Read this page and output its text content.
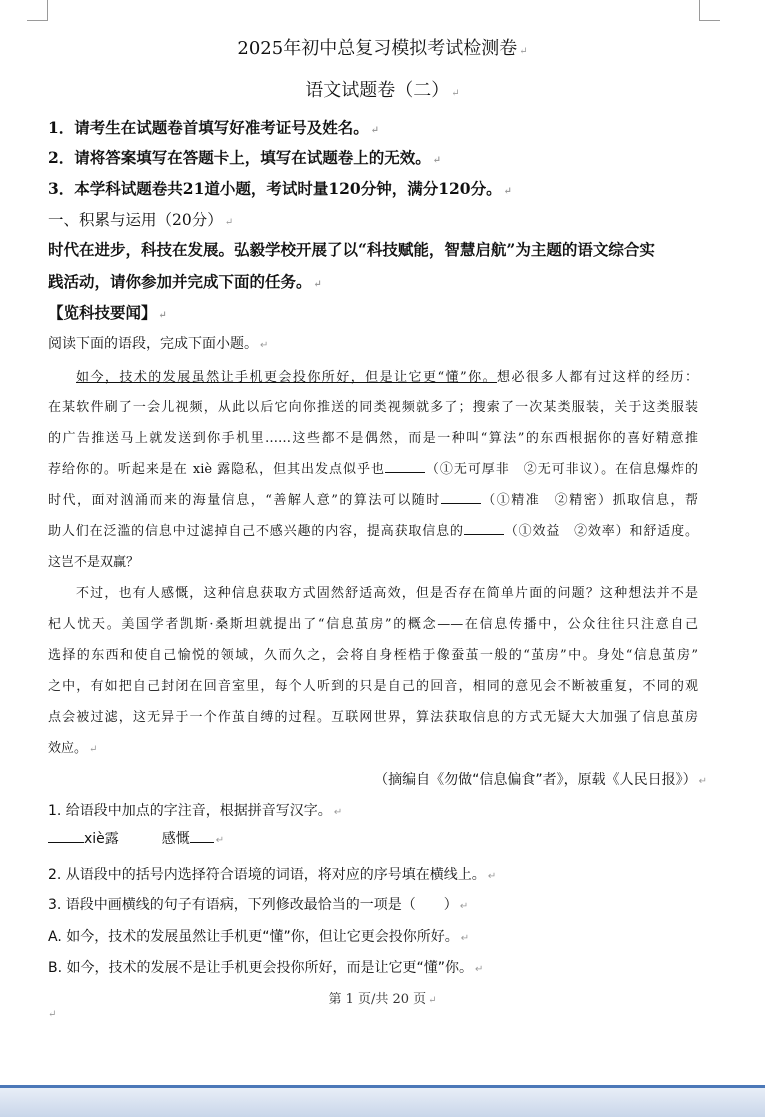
2025年初中总复习模拟考试检测卷 ↵
语文试题卷（二） ↵
1．请考生在试题卷首填写好准考证号及姓名。 ↵
2．请将答案填写在答题卡上，填写在试题卷上的无效。 ↵
3．本学科试题卷共21道小题，考试时量120分钟，满分120分。 ↵
一、积累与运用（20分） ↵
时代在进步，科技在发展。弘毅学校开展了以“科技赋能，智慧启航”为主题的语文综合实
践活动，请你参加并完成下面的任务。 ↵
【览科技要闻】 ↵
阅读下面的语段，完成下面小题。 ↵
如今，技术的发展虽然让手机更会投你所好，但是让它更“懂”你。想必很多人都有过这样的经历：
在某软件刷了一会儿视频，从此以后它向你推送的同类视频就多了；搜索了一次某类服装，关于这类服装
的广告推送马上就发送到你手机里……这些都不是偶然，而是一种叫“算法”的东西根据你的喜好精意推
荐给你的。听起来是在 xiè 露隐私，但其出发点似乎也	（①无可厚非　②无可非议）。在信息爆炸的
时代，面对汹涌而来的海量信息，“善解人意”的算法可以随时	（①精准　②精密）抓取信息，帮
助人们在泛滥的信息中过滤掉自己不感兴趣的内容，提高获取信息的	（①效益　②效率）和舒适度。
这岂不是双赢？
不过，也有人感慨，这种信息获取方式固然舒适高效，但是否存在简单片面的问题？这种想法并不是
杞人忧天。美国学者凯斯·桑斯坦就提出了“信息茧房”的概念——在信息传播中，公众往往只注意自己
选择的东西和使自己愉悦的领域，久而久之，会将自身桎梏于像蚕茧一般的“茧房”中。身处“信息茧房”
之中，有如把自己封闭在回音室里，每个人听到的只是自己的回音，相同的意见会不断被重复，不同的观
点会被过滤，这无异于一个作茧自缚的过程。互联网世界，算法获取信息的方式无疑大大加强了信息茧房
效应。 ↵
（摘编自《勿做“信息偏食”者》，原载《人民日报》） ↵
1. 给语段中加点的字注音，根据拼音写汉字。 ↵
xiè露	感慨	↵
2. 从语段中的括号内选择符合语境的词语，将对应的序号填在横线上。 ↵
3. 语段中画横线的句子有语病，下列修改最恰当的一项是（　　） ↵
A. 如今，技术的发展虽然让手机更“懂”你，但让它更会投你所好。 ↵
B. 如今，技术的发展不是让手机更会投你所好，而是让它更“懂”你。 ↵
第 1 页/共 20 页 ↵
↵
